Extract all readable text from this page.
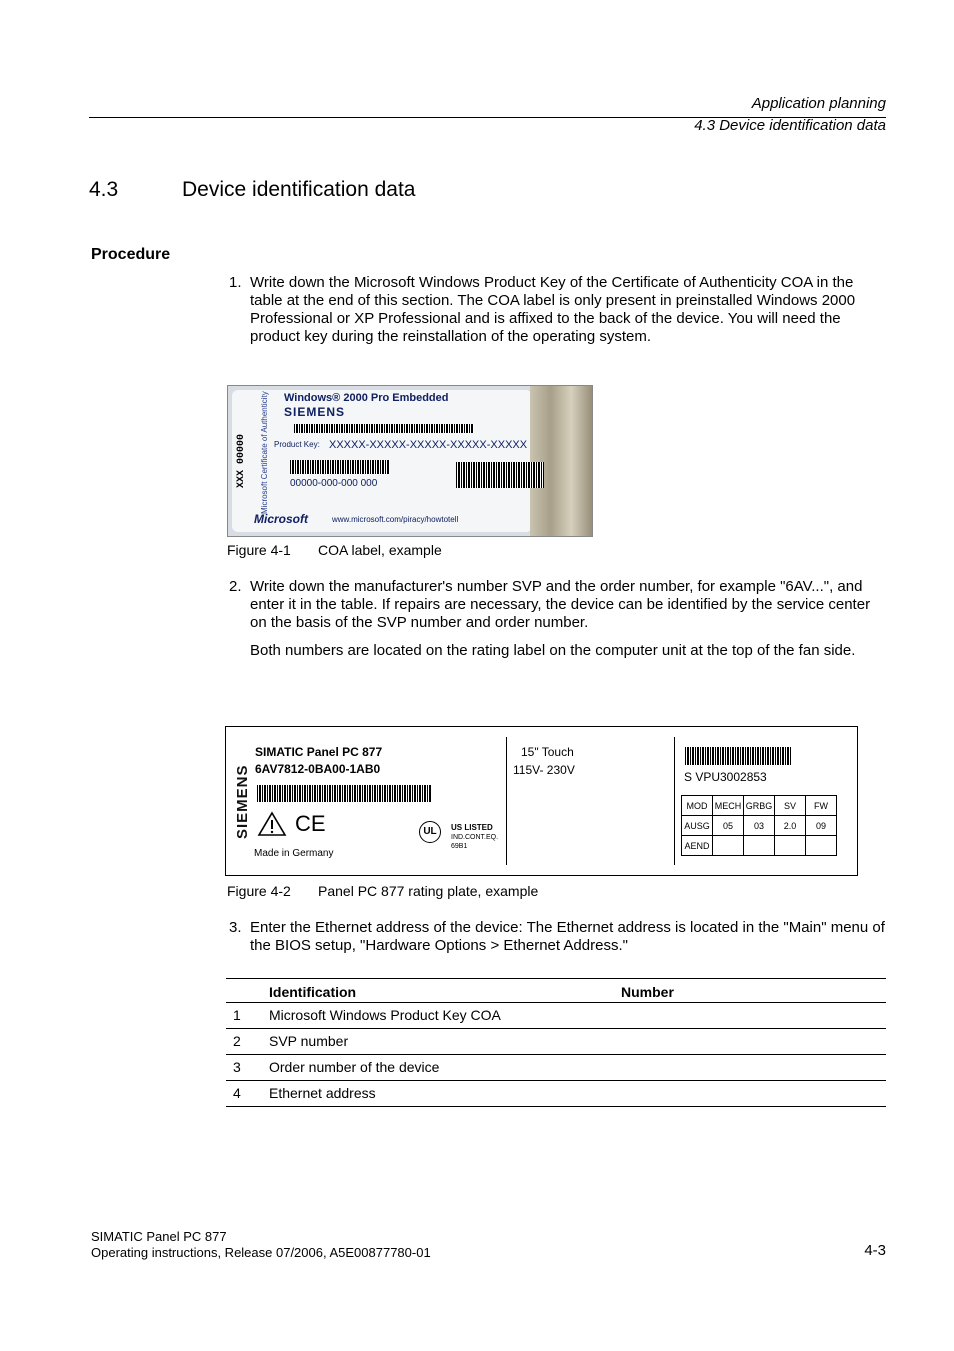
Application planning
4.3 Device identification data
4.3	Device identification data
Procedure
1. Write down the Microsoft Windows Product Key of the Certificate of Authenticity COA in the table at the end of this section. The COA label is only present in preinstalled Windows 2000 Professional or XP Professional and is affixed to the back of the device. You will need the product key during the reinstallation of the operating system.
XXX 00000 Microsoft Certificate of Authenticity Windows® 2000 Pro Embedded
SIEMENS
Product Key: XXXXX-XXXXX-XXXXX-XXXXX-XXXXX
00000-000-000 000
Microsoft	www.microsoft.com/piracy/howtotell
Figure 4-1 COA label, example
2. Write down the manufacturer's number SVP and the order number, for example "6AV...", and enter it in the table. If repairs are necessary, the device can be identified by the service center on the basis of the SVP number and order number.
Both numbers are located on the rating label on the computer unit at the top of the fan side.
SIEMENS
SIMATIC Panel PC 877
6AV7812-0BA00-1AB0
CE
Made in Germany
UL	US LISTED
IND.CONT.EQ.
69B1
15" Touch
115V- 230V	S VPU3002853
MOD	MECH	GRBG	SV	FW
AUSG	05	03	2.0	09
AEND				
Figure 4-2 Panel PC 877 rating plate, example
3. Enter the Ethernet address of the device: The Ethernet address is located in the "Main" menu of the BIOS setup, "Hardware Options > Ethernet Address."
	Identification	Number
1	Microsoft Windows Product Key COA	
2	SVP number	
3	Order number of the device	
4	Ethernet address	
SIMATIC Panel PC 877
Operating instructions, Release 07/2006, A5E00877780-01	4-3
